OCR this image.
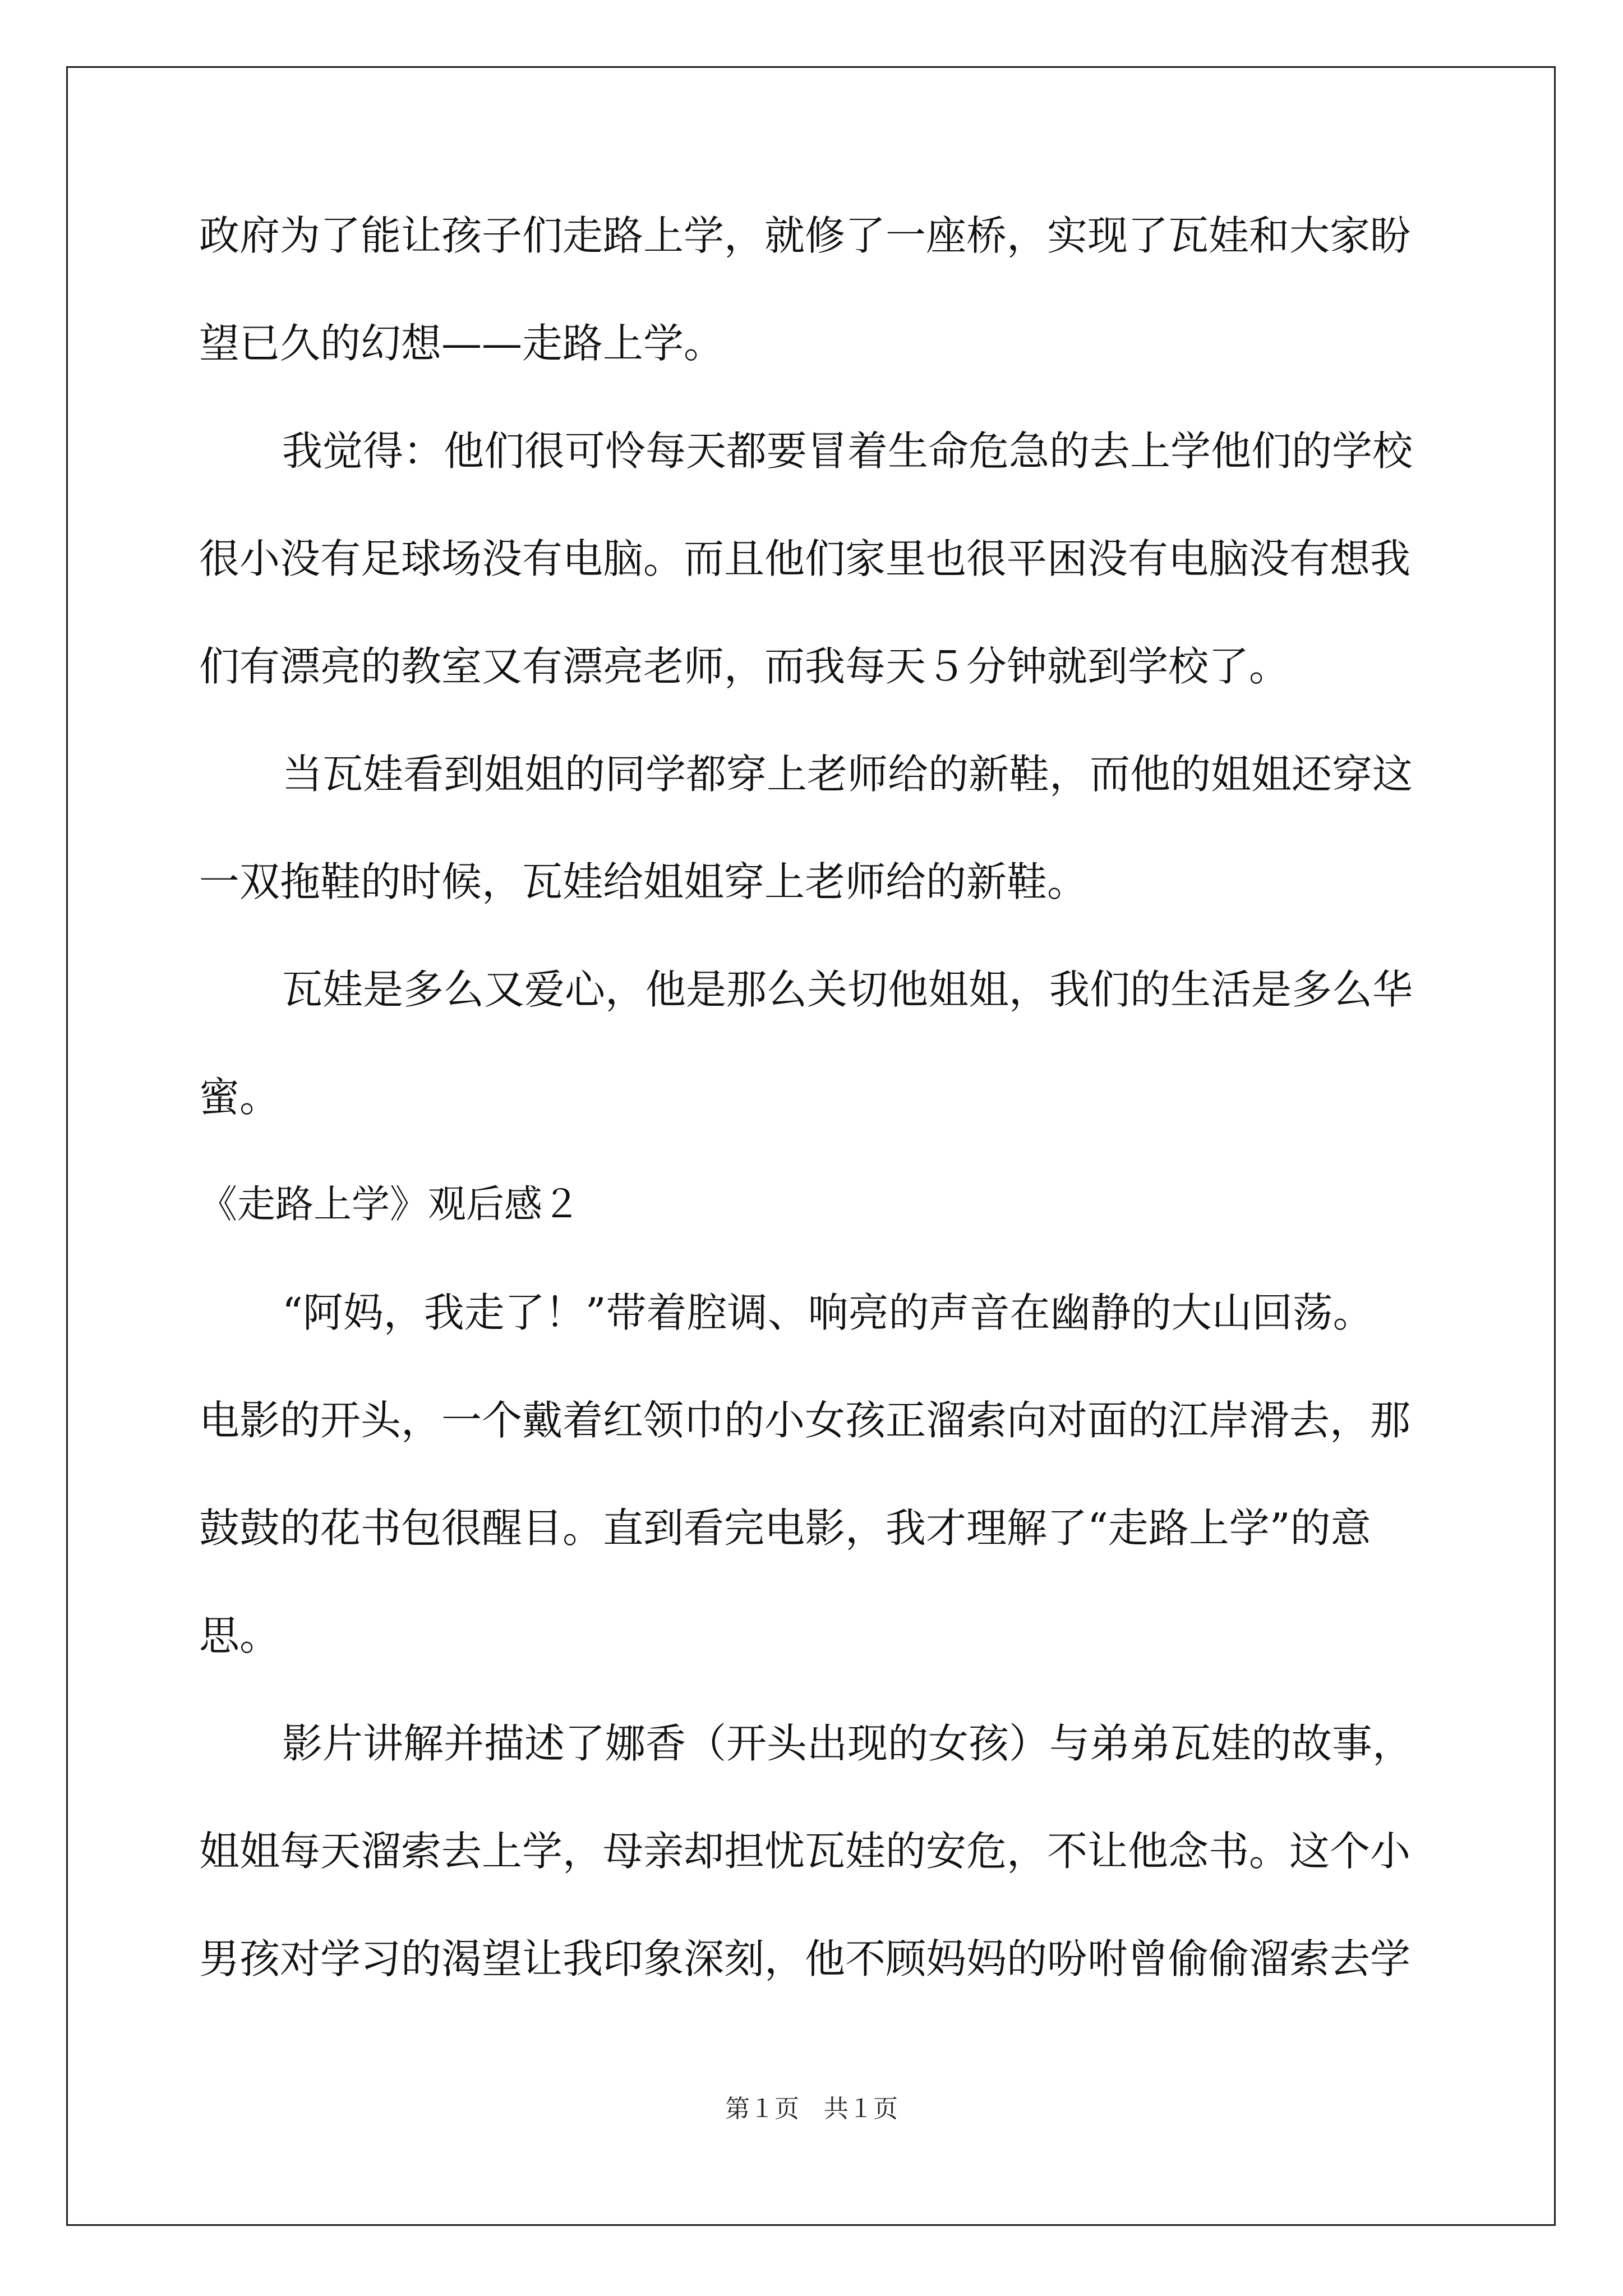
政府为了能让孩子们走路上学，就修了一座桥，实现了瓦娃和大家盼
望已久的幻想——走路上学。
我觉得：他们很可怜每天都要冒着生命危急的去上学他们的学校
很小没有足球场没有电脑。而且他们家里也很平困没有电脑没有想我
们有漂亮的教室又有漂亮老师，而我每天５分钟就到学校了。
当瓦娃看到姐姐的同学都穿上老师给的新鞋，而他的姐姐还穿这
一双拖鞋的时候，瓦娃给姐姐穿上老师给的新鞋。
瓦娃是多么又爱心，他是那么关切他姐姐，我们的生活是多么华
蜜。
《走路上学》观后感２
“阿妈，我走了！”带着腔调、响亮的声音在幽静的大山回荡。
电影的开头，一个戴着红领巾的小女孩正溜索向对面的江岸滑去，那
鼓鼓的花书包很醒目。直到看完电影，我才理解了“走路上学”的意
思。
影片讲解并描述了娜香（开头出现的女孩）与弟弟瓦娃的故事，
姐姐每天溜索去上学，母亲却担忧瓦娃的安危，不让他念书。这个小
男孩对学习的渴望让我印象深刻，他不顾妈妈的吩咐曾偷偷溜索去学
第１页　共１页
